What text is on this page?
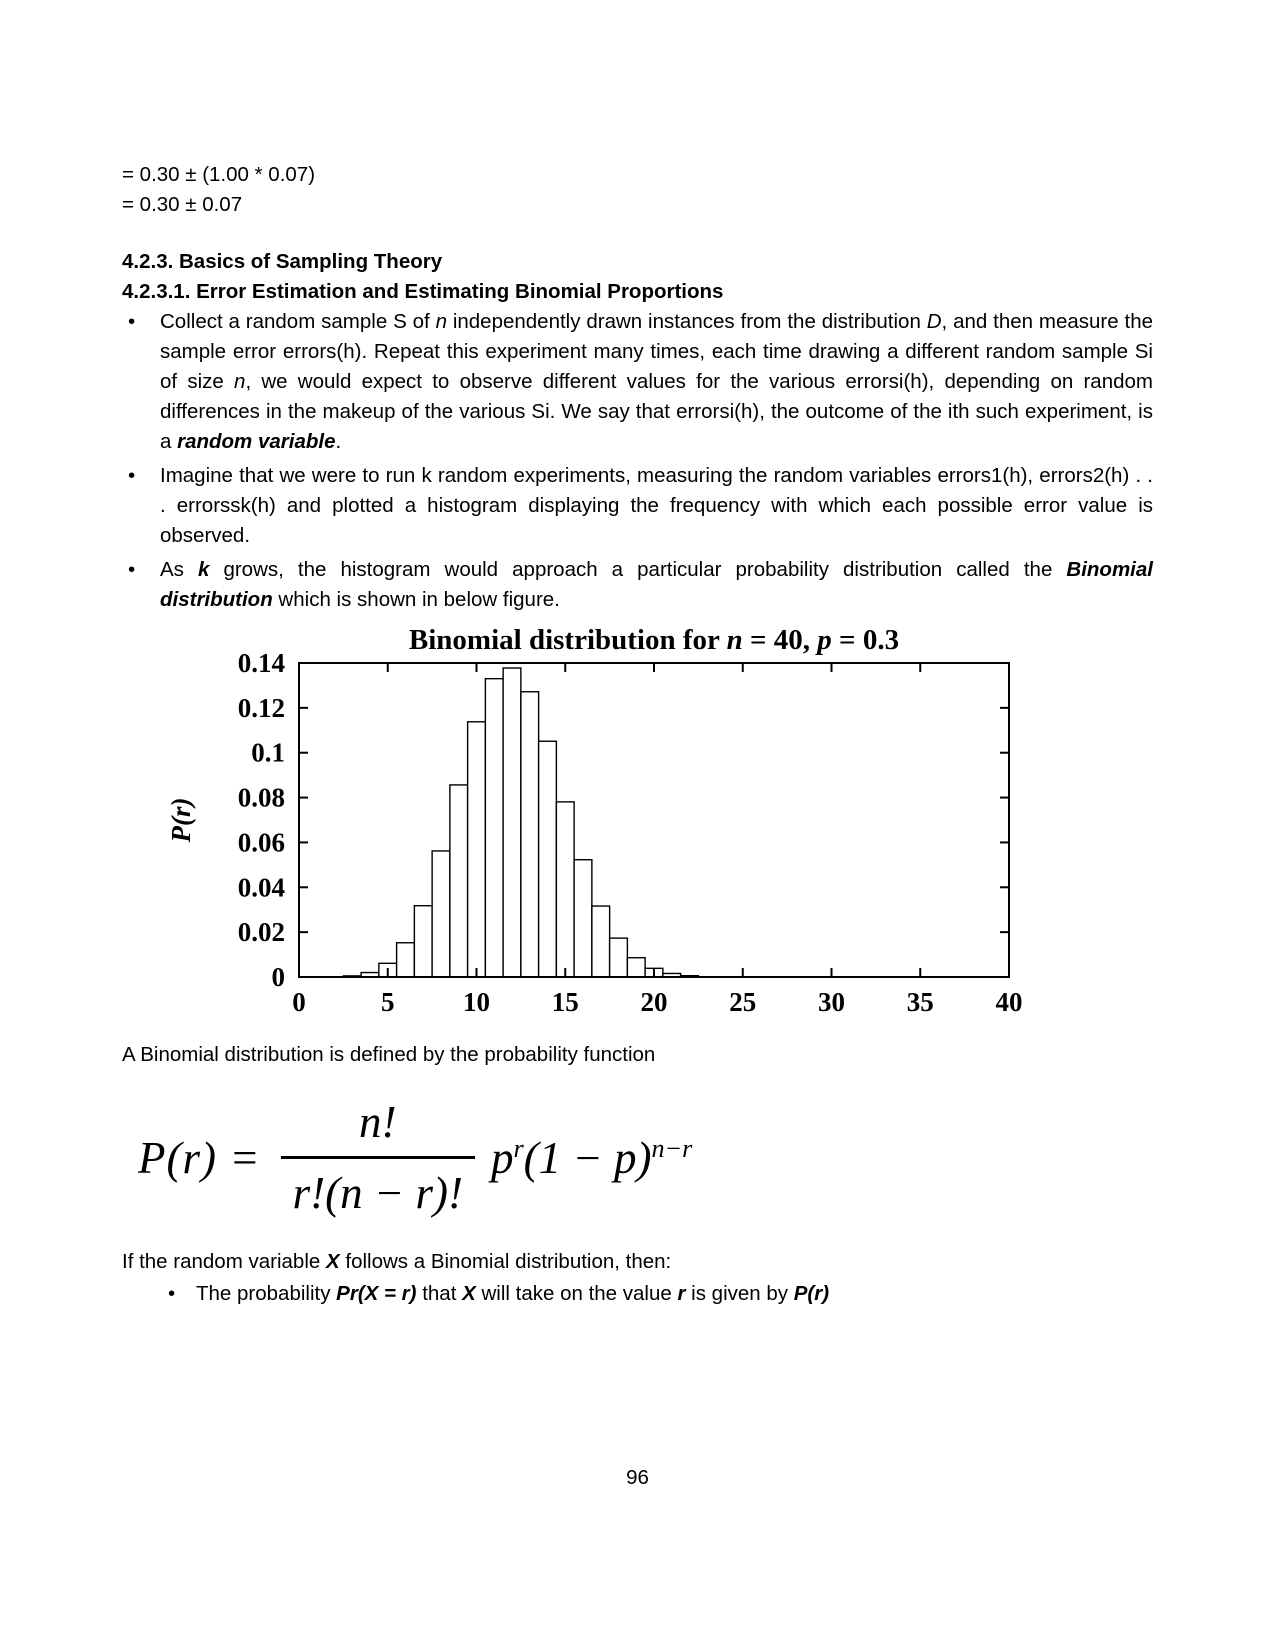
= 0.30 ± (1.00 * 0.07)

= 0.30 ± 0.07

4.2.3. Basics of Sampling Theory

4.2.3.1. Error Estimation and Estimating Binomial Proportions

•	Collect a random sample S of n independently drawn instances from the distribution D, and then measure the sample error errors(h). Repeat this experiment many times, each time drawing a different random sample Si of size n, we would expect to observe different values for the various errorsi(h), depending on random differences in the makeup of the various Si. We say that errorsi(h), the outcome of the ith such experiment, is a random variable.
•	Imagine that we were to run k random experiments, measuring the random variables errors1(h), errors2(h) . . . errorssk(h) and plotted a histogram displaying the frequency with which each possible error value is observed.
•	As k grows, the histogram would approach a particular probability distribution called the Binomial distribution which is shown in below figure.
Binomial distribution for n = 40, p = 0.3
0	5	10 15 20 25 30 35 40
0
0.02
0.04
0.06
0.08
0.1
0.12
0.14
P(r)

A Binomial distribution is defined by the probability function

$P(r) = \frac{n!}{r!(n - r)!} p^r(1 - p)^{n-r}$

If the random variable X follows a Binomial distribution, then:

•	The probability Pr(X = r) that X will take on the value r is given by P(r)
96
